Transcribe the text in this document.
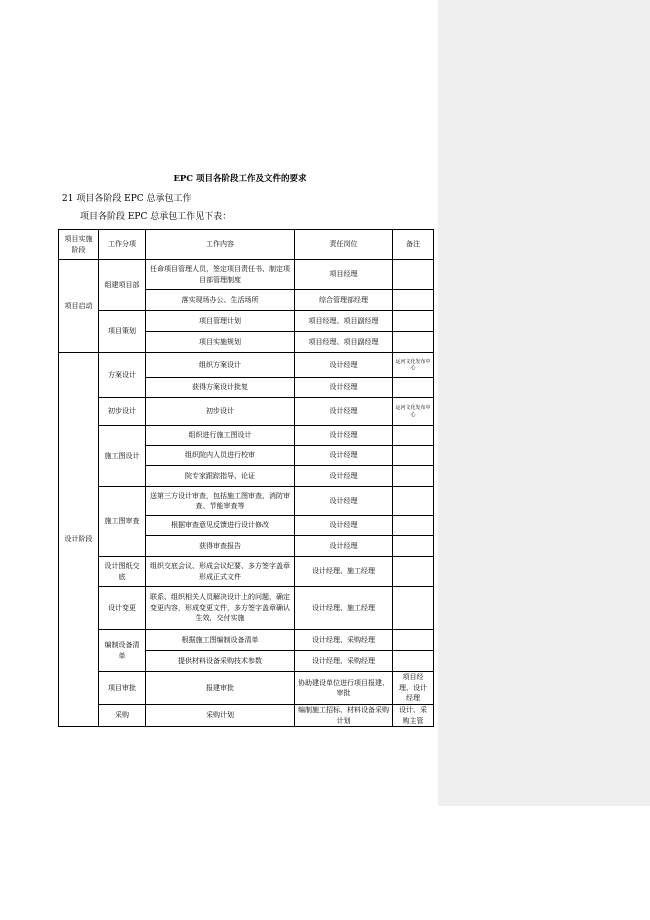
EPC 项目各阶段工作及文件的要求
21 项目各阶段 EPC 总承包工作
项目各阶段 EPC 总承包工作见下表：
项目实施阶段	工作分项	工作内容	责任岗位	备注	
项目启动	组建项目部	任命项目管理人员，签定项目责任书、制定项目部管理制度	项目经理		
		落实现场办公、生活场所	综合管理部经理		
	项目策划	项目管理计划	项目经理、项目副经理		
		项目实施规划	项目经理、项目副经理		
设计阶段	方案设计	组织方案设计	设计经理	运河文化发布中心	
		获得方案设计批复	设计经理		
	初步设计	初步设计	设计经理	运河文化发布中心	
	施工图设计	组织进行施工图设计	设计经理		
		组织院内人员进行校审	设计经理		
		院专家跟踪指导、论证	设计经理		
	施工图审查	送第三方设计审查，包括施工图审查、消防审查、节能审查等	设计经理		
		根据审查意见反馈进行设计修改	设计经理		
		获得审查报告	设计经理		
	设计图纸交底	组织交底会议、形成会议纪要、多方签字盖章形成正式文件	设计经理、施工经理		
	设计变更	联系、组织相关人员解决设计上的问题，确定变更内容，形成变更文件，多方签字盖章确认生效，交付实施	设计经理、施工经理		
	编制设备清单	根据施工图编制设备清单	设计经理、采购经理		
		提供材料设备采购技术参数	设计经理、采购经理		
	项目审批	报建审批	协助建设单位进行项目报建、审批	项目经理、设计经理	
	采购	采购计划	编制施工招标、材料设备采购计划	设计、采购主管	
